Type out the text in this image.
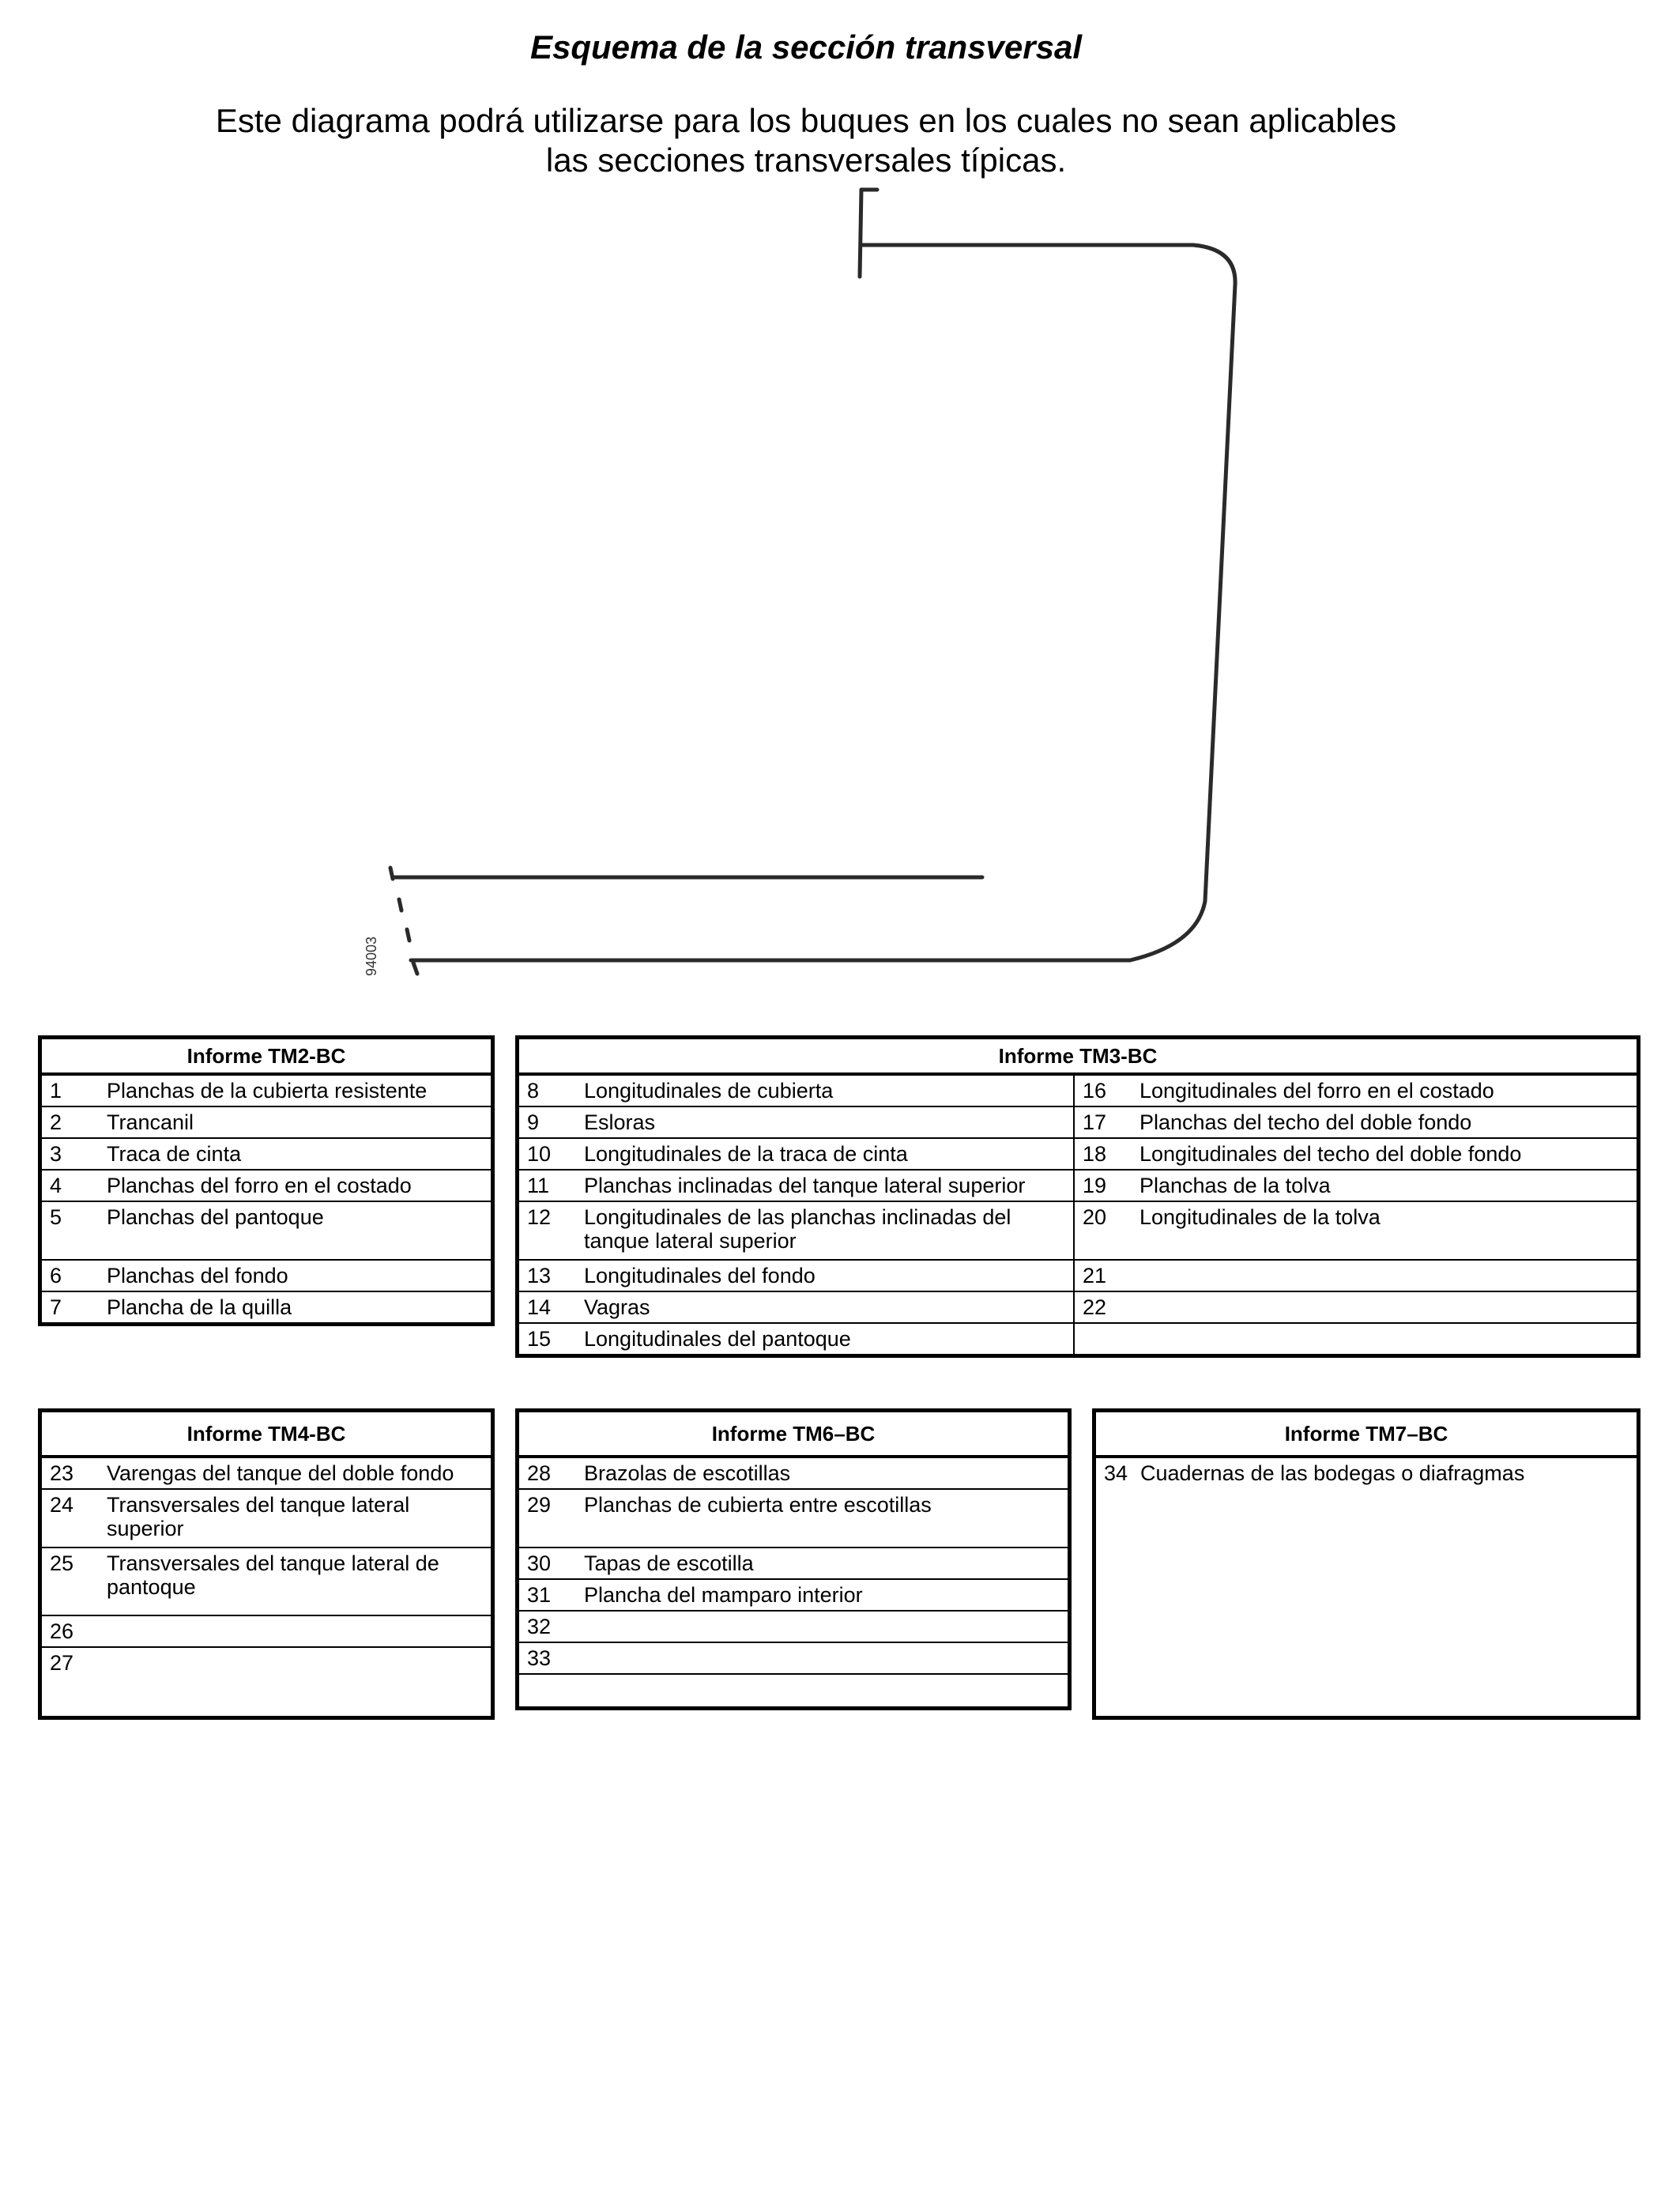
Esquema de la sección transversal
Este diagrama podrá utilizarse para los buques en los cuales no sean aplicables
las secciones transversales típicas.
94003
Informe TM2-BC

1	Planchas de la cubierta resistente

2	Trancanil

3	Traca de cinta

4	Planchas del forro en el costado

5	Planchas del pantoque

6	Planchas del fondo

7	Plancha de la quilla
Informe TM3-BC	

8 Longitudinales de cubierta	16 Longitudinales del forro en el costado

9 Esloras	17 Planchas del techo del doble fondo

10 Longitudinales de la traca de cinta	18 Longitudinales del techo del doble fondo

11 Planchas inclinadas del tanque lateral superior	19 Planchas de la tolva

12 Longitudinales de las planchas inclinadas del tanque lateral superior	20 Longitudinales de la tolva

13 Longitudinales del fondo	21

14 Vagras	22

15 Longitudinales del pantoque	

Informe TM4-BC

23	Varengas del tanque del doble fondo

24	Transversales del tanque lateral superior

25	Transversales del tanque lateral de pantoque

26

27
Informe TM6–BC

28	Brazolas de escotillas

29	Planchas de cubierta entre escotillas

30	Tapas de escotilla

31	Plancha del mamparo interior

32

33

Informe TM7–BC

34 Cuadernas de las bodegas o diafragmas
